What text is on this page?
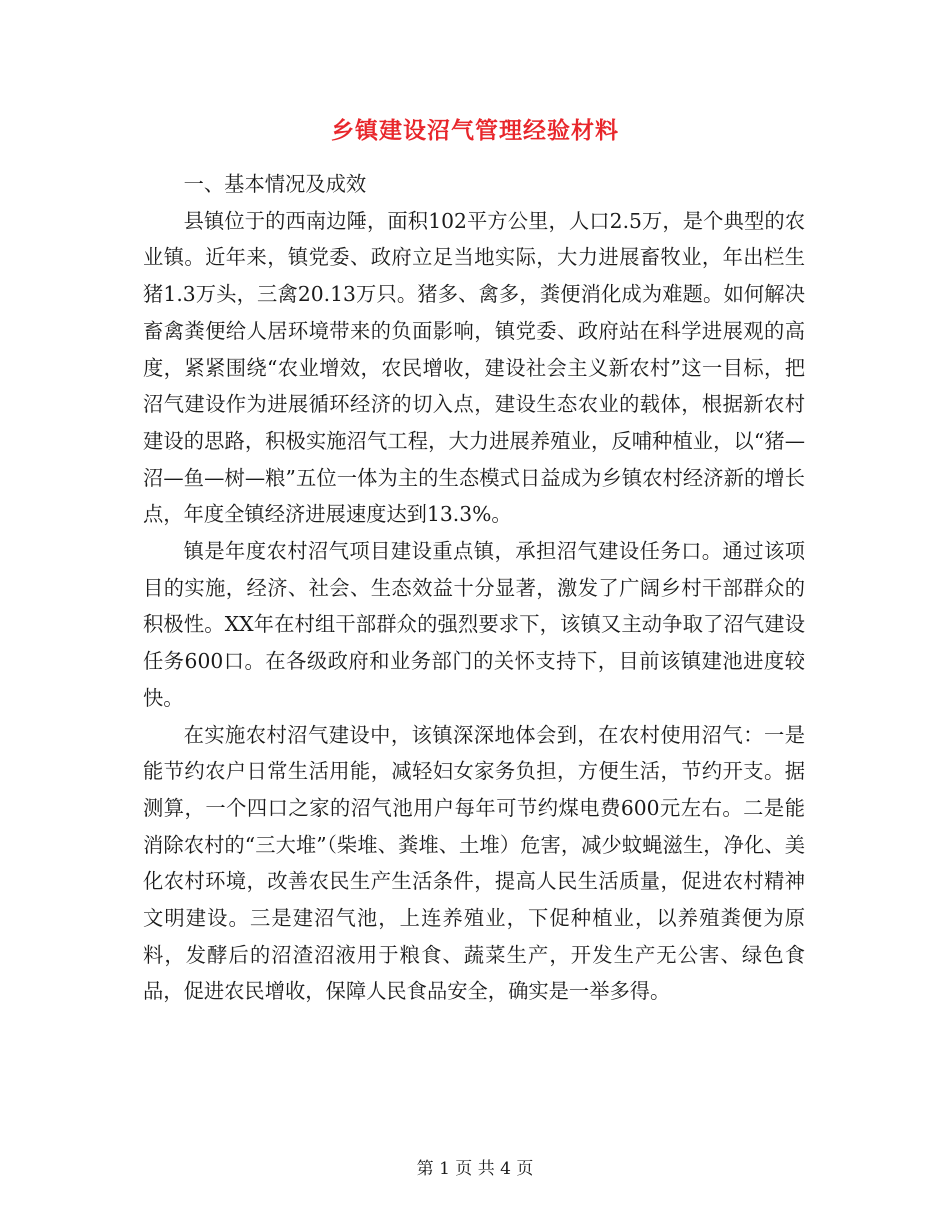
乡镇建设沼气管理经验材料

一、基本情况及成效

县镇位于的西南边陲，面积102平方公里，人口2.5万，是个典型的农业镇。近年来，镇党委、政府立足当地实际，大力进展畜牧业，年出栏生猪1.3万头，三禽20.13万只。猪多、禽多，粪便消化成为难题。如何解决畜禽粪便给人居环境带来的负面影响，镇党委、政府站在科学进展观的高度，紧紧围绕“农业增效，农民增收，建设社会主义新农村”这一目标，把沼气建设作为进展循环经济的切入点，建设生态农业的载体，根据新农村建设的思路，积极实施沼气工程，大力进展养殖业，反哺种植业，以“猪—沼—鱼—树—粮”五位一体为主的生态模式日益成为乡镇农村经济新的增长点，年度全镇经济进展速度达到13.3%。

镇是年度农村沼气项目建设重点镇，承担沼气建设任务口。通过该项目的实施，经济、社会、生态效益十分显著，激发了广阔乡村干部群众的积极性。XX年在村组干部群众的强烈要求下，该镇又主动争取了沼气建设任务600口。在各级政府和业务部门的关怀支持下，目前该镇建池进度较快。

在实施农村沼气建设中，该镇深深地体会到，在农村使用沼气：一是能节约农户日常生活用能，减轻妇女家务负担，方便生活，节约开支。据测算，一个四口之家的沼气池用户每年可节约煤电费600元左右。二是能消除农村的“三大堆”（柴堆、粪堆、土堆）危害，减少蚊蝇滋生，净化、美化农村环境，改善农民生产生活条件，提高人民生活质量，促进农村精神文明建设。三是建沼气池，上连养殖业，下促种植业，以养殖粪便为原料，发酵后的沼渣沼液用于粮食、蔬菜生产，开发生产无公害、绿色食品，促进农民增收，保障人民食品安全，确实是一举多得。

第 1 页 共 4 页
